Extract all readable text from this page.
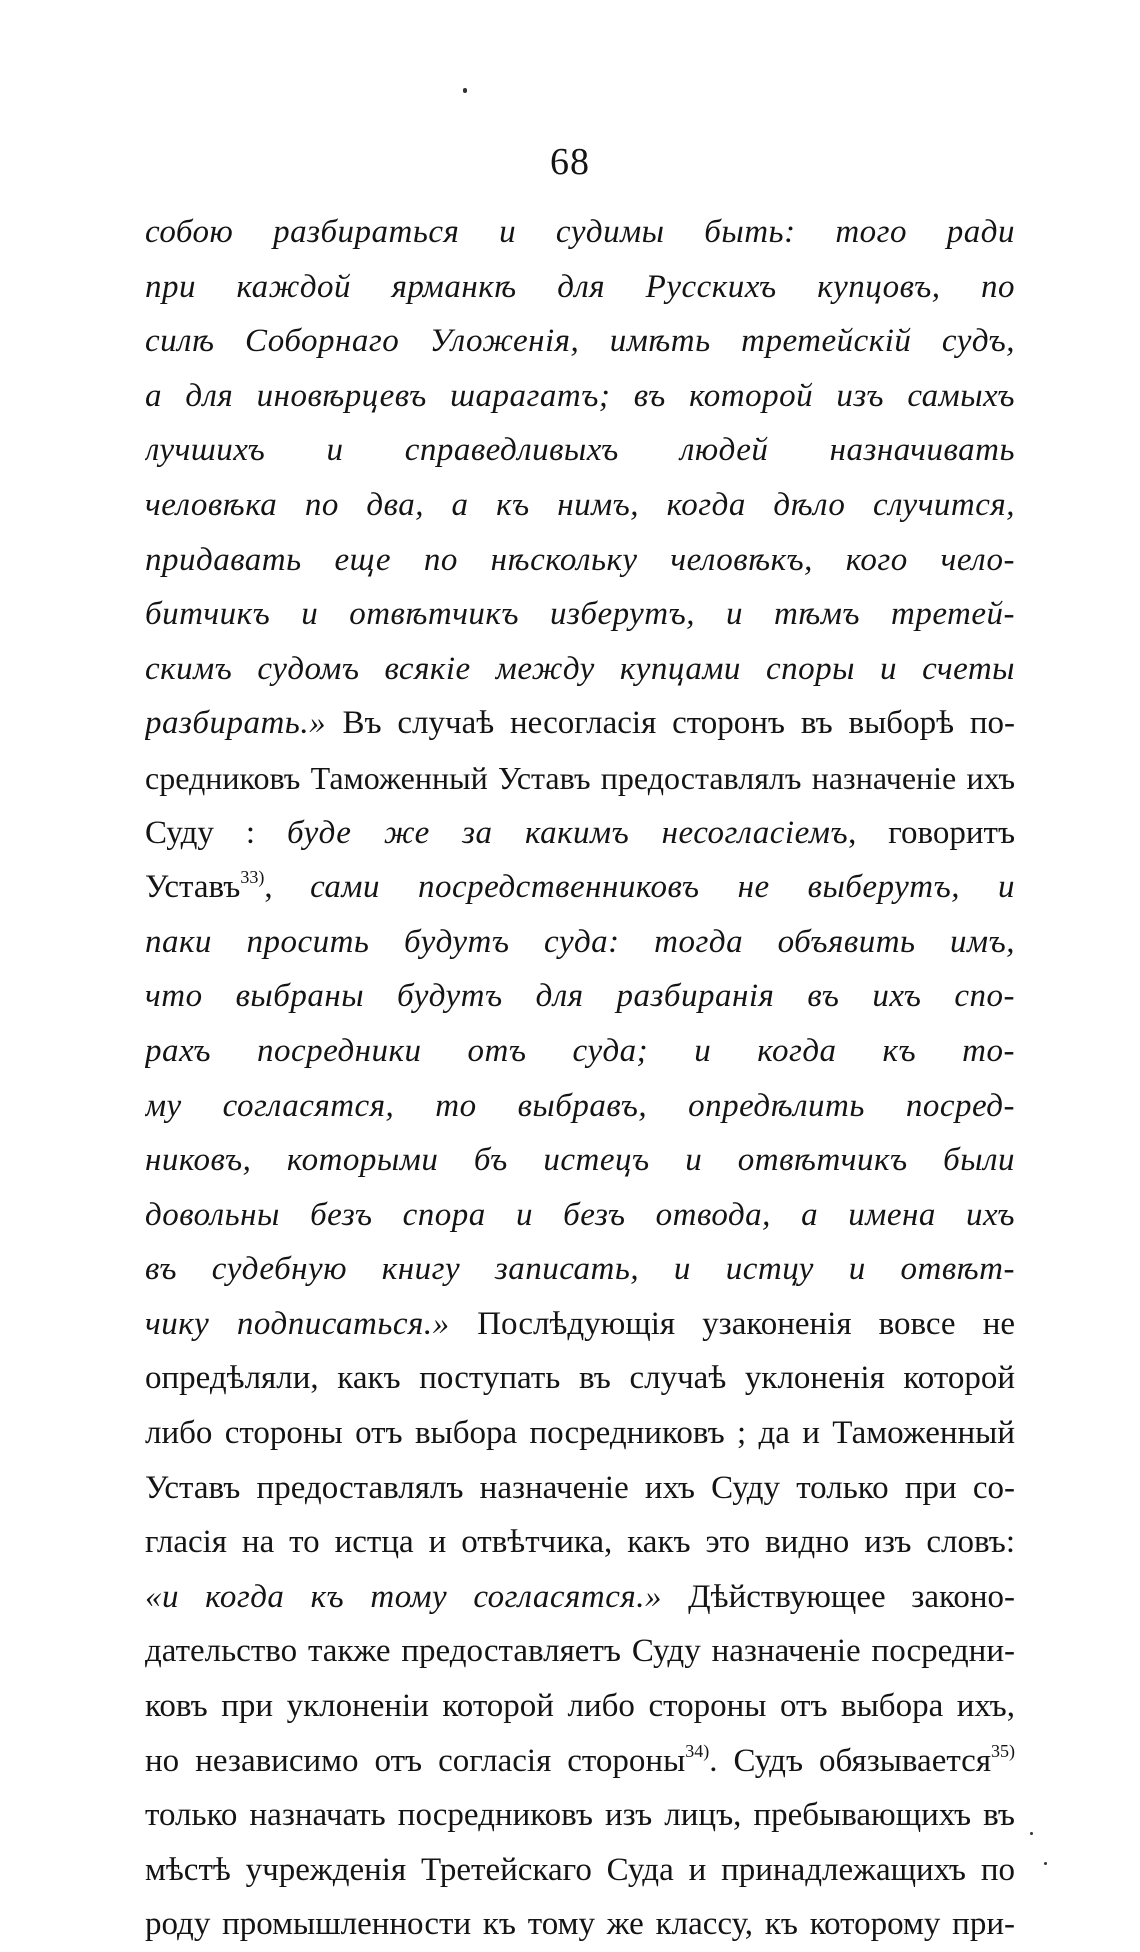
68
собою разбираться и судимы быть: того ради
при каждой ярманкѣ для Русскихъ купцовъ, по
силѣ Соборнаго Уложенія, имѣть третейскій судъ,
а для иновѣрцевъ шарагатъ; въ которой изъ самыхъ
лучшихъ и справедливыхъ людей назначивать
человѣка по два, а къ нимъ, когда дѣло случится,
придавать еще по нѣскольку человѣкъ, кого чело-
битчикъ и отвѣтчикъ изберутъ, и тѣмъ третей-
скимъ судомъ всякіе между купцами споры и счеты
разбирать.» Въ случаѣ несогласія сторонъ въ выборѣ по-
средниковъ Таможенный Уставъ предоставлялъ назначеніе ихъ
Суду : буде же за какимъ несогласіемъ, говоритъ
Уставъ$^{33)}$, сами посредственниковъ не выберутъ, и
паки просить будутъ суда: тогда объявить имъ,
что выбраны будутъ для разбиранія въ ихъ спо-
рахъ посредники отъ суда; и когда къ то-
му согласятся, то выбравъ, опредѣлить посред-
никовъ, которыми бъ истецъ и отвѣтчикъ были
довольны безъ спора и безъ отвода, а имена ихъ
въ судебную книгу записать, и истцу и отвѣт-
чику подписаться.» Послѣдующія узаконенія вовсе не
опредѣляли, какъ поступать въ случаѣ уклоненія которой
либо стороны отъ выбора посредниковъ ; да и Таможенный
Уставъ предоставлялъ назначеніе ихъ Суду только при со-
гласія на то истца и отвѣтчика, какъ это видно изъ словъ:
«и когда къ тому согласятся.» Дѣйствующее законо-
дательство также предоставляетъ Суду назначеніе посредни-
ковъ при уклоненіи которой либо стороны отъ выбора ихъ,
но независимо отъ согласія стороны$^{34)}$. Судъ обязывается$^{35)}$
только назначать посредниковъ изъ лицъ, пребывающихъ въ
мѣстѣ учрежденія Третейскаго Суда и принадлежащихъ по
роду промышленности къ тому же классу, къ которому при-
